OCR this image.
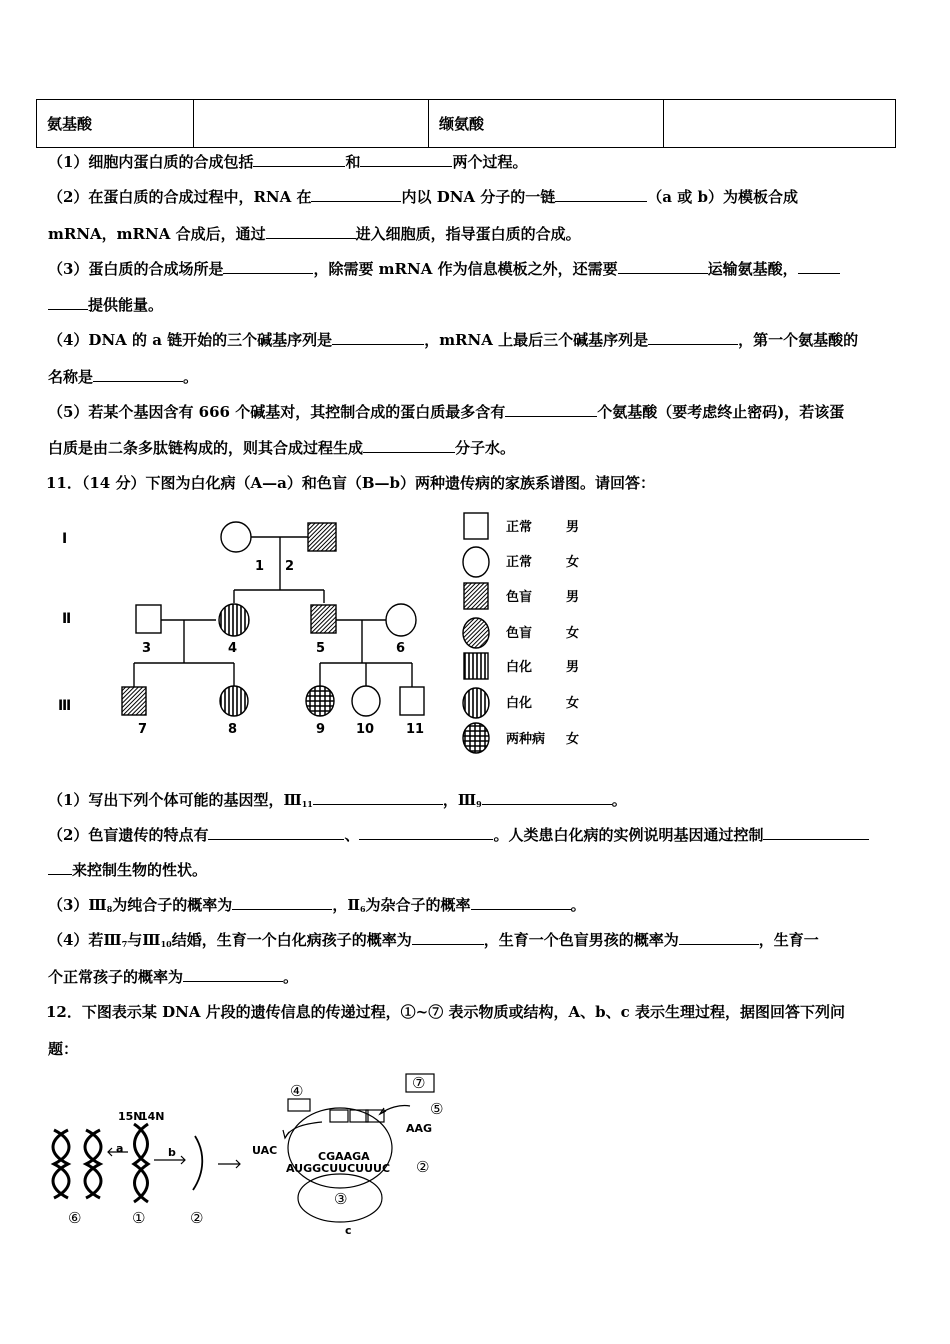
氨基酸		缬氨酸	
（1）细胞内蛋白质的合成包括	和	两个过程。
（2）在蛋白质的合成过程中，RNA 在	内以 DNA 分子的一链	（a 或 b）为模板合成
mRNA，mRNA 合成后，通过	进入细胞质，指导蛋白质的合成。
（3）蛋白质的合成场所是	，除需要 mRNA 作为信息模板之外，还需要	运输氨基酸，
提供能量。
（4）DNA 的 a 链开始的三个碱基序列是	，mRNA 上最后三个碱基序列是	，第一个氨基酸的
名称是	。
（5）若某个基因含有 666 个碱基对，其控制合成的蛋白质最多含有	个氨基酸（要考虑终止密码)，若该蛋
白质是由二条多肽链构成的，则其合成过程生成	分子水。
11．（14 分）下图为白化病（A—a）和色盲（B—b）两种遗传病的家族系谱图。请回答：
I
Ⅱ
Ⅲ
1 2
3	4	5	6
7	8	9 10 11
正常	男
正常	女
色盲	男
色盲	女
白化	男
白化	女
两种病 女
（1）写出下列个体可能的基因型，$Ⅲ_{11}$	，$Ⅲ_9$	。
（2）色盲遗传的特点有	、	。人类患白化病的实例说明基因通过控制
来控制生物的性状。
$(3)Ⅲ_8$为纯合子的概率为	，$Ⅱ_6$为杂合子的概率	。
（4）若$Ⅲ_7$与$Ⅲ_{10}$结婚，生育一个白化病孩子的概率为	，生育一个色盲男孩的概率为	，生育一
个正常孩子的概率为	。
12．下图表示某 DNA 片段的遗传信息的传递过程，①~⑦ 表示物质或结构，A、b、c 表示生理过程，据图回答下列问
题：
15N
14N
a	b
c
UAC
AAG
CGAAGA
AUGGCUUCUUUC
⑥	①	②
②
③
④
⑤
⑦
